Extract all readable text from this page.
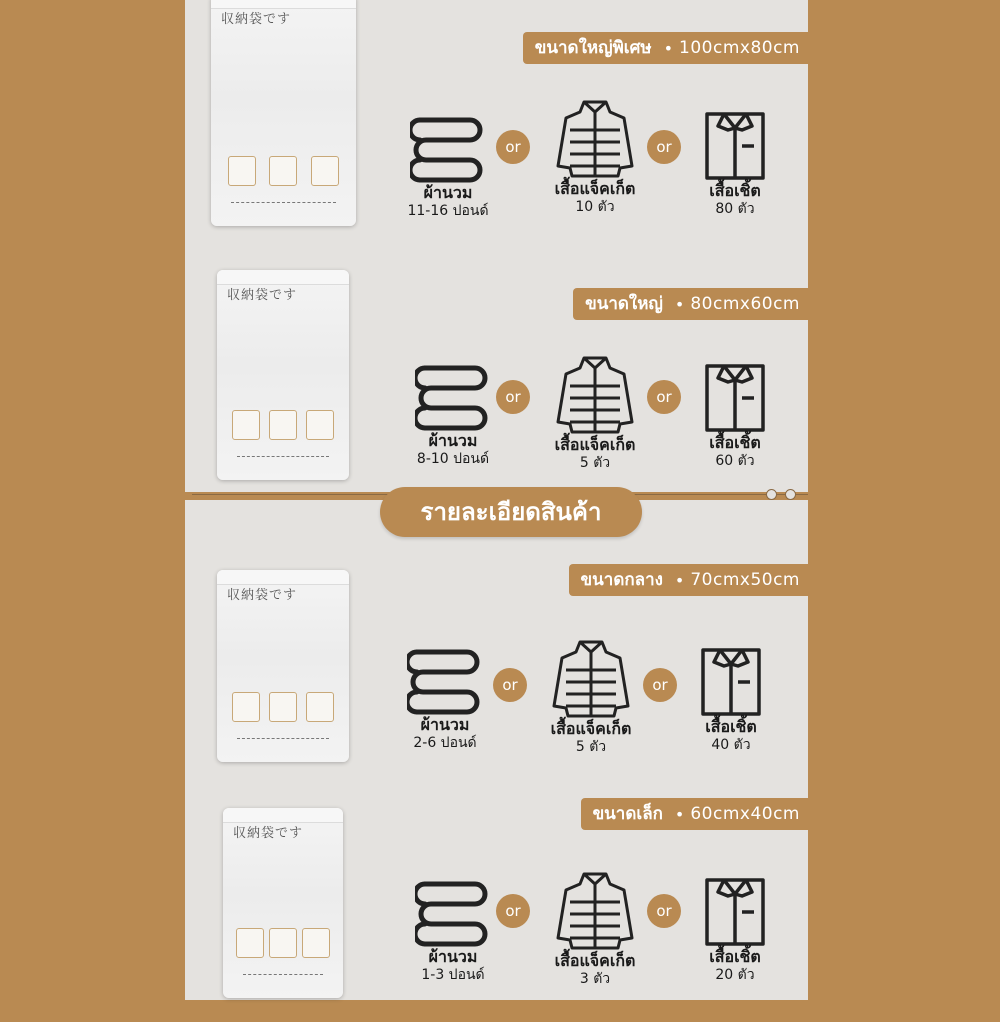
収納袋です
ขนาดใหญ่พิเศษ • 100cmx80cm
ผ้านวม
11-16 ปอนด์
or
เสื้อแจ็คเก็ต
10 ตัว
or
เสื้อเชิ้ต
80 ตัว
収納袋です	ขนาดใหญ่ • 80cmx60cm
ผ้านวม
8-10 ปอนด์
or
เสื้อแจ็คเก็ต
5 ตัว
or
เสื้อเชิ้ต
60 ตัว
รายละเอียดสินค้า
収納袋です
ขนาดกลาง • 70cmx50cm
ผ้านวม
2-6 ปอนด์
or
เสื้อแจ็คเก็ต
5 ตัว
or
เสื้อเชิ้ต
40 ตัว
収納袋です
ขนาดเล็ก • 60cmx40cm
ผ้านวม
1-3 ปอนด์
or
เสื้อแจ็คเก็ต
3 ตัว
or
เสื้อเชิ้ต
20 ตัว
